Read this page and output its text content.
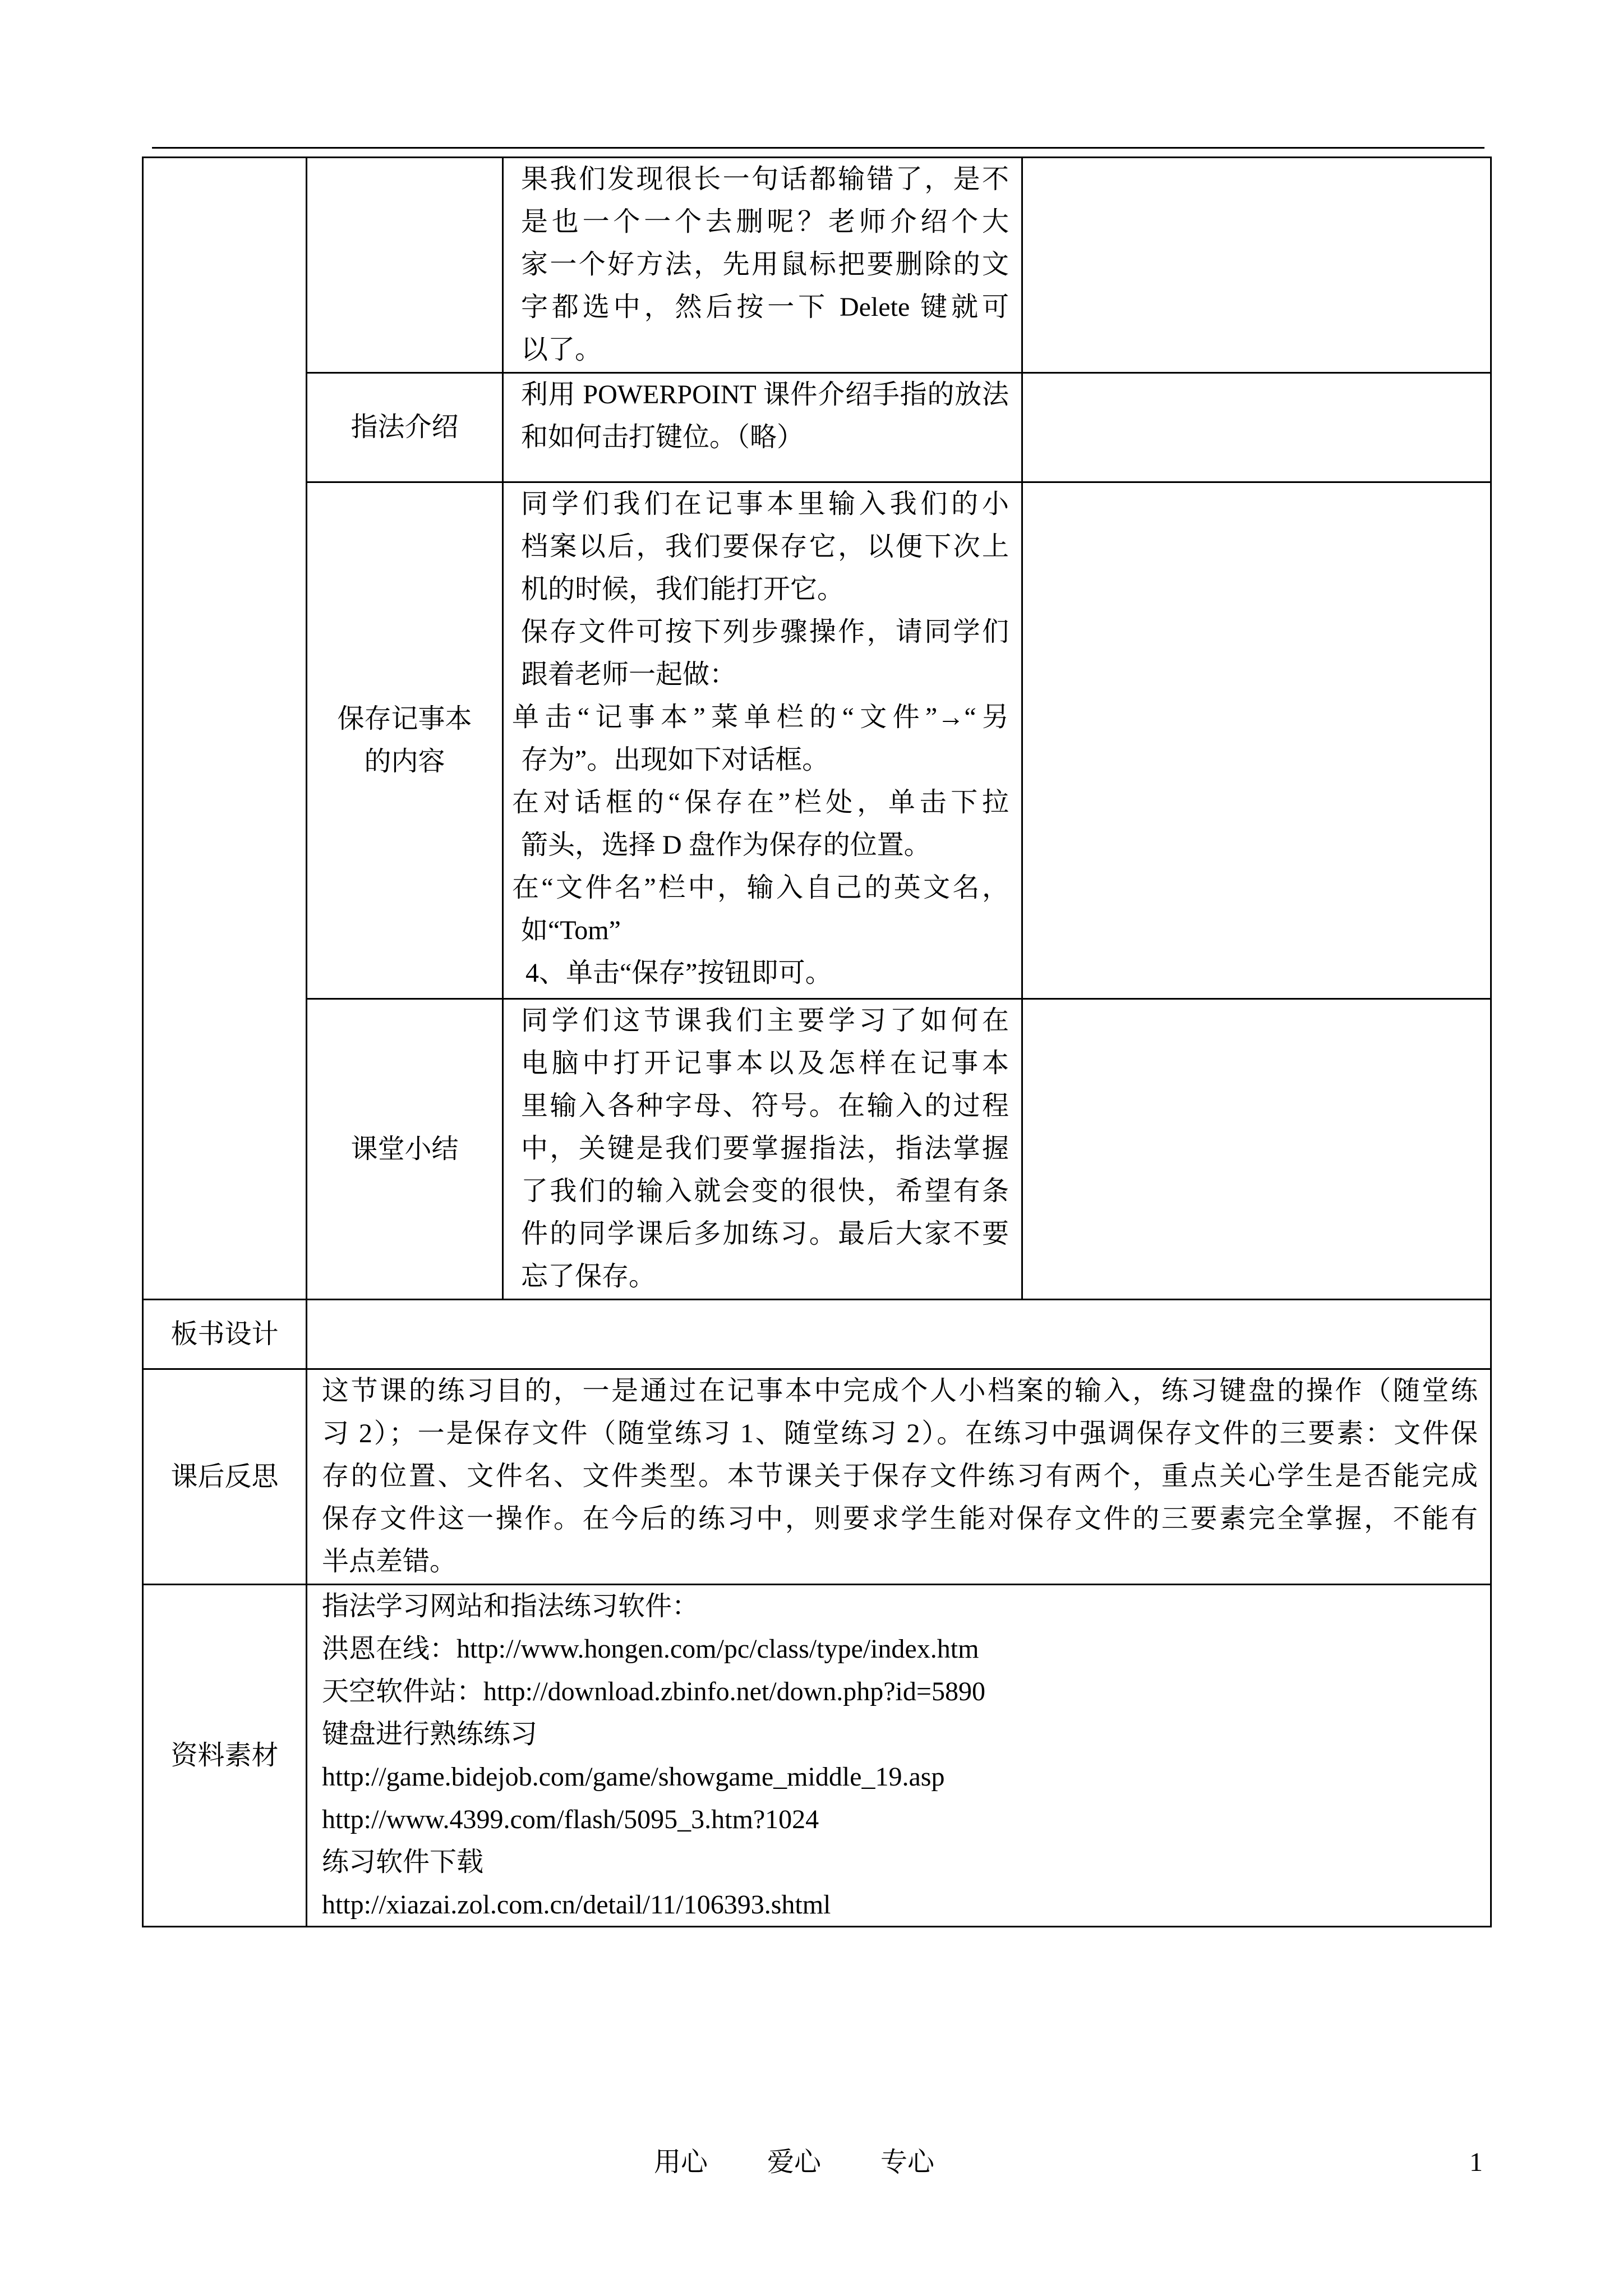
果我们发现很长一句话都输错了，是不
是也一个一个去删呢？老师介绍个大
家一个好方法，先用鼠标把要删除的文
字都选中，然后按一下 Delete 键就可
以了。
指法介绍
利用 POWERPOINT 课件介绍手指的放法
和如何击打键位。（略）
保存记事本
的内容
同学们我们在记事本里输入我们的小
档案以后，我们要保存它，以便下次上
机的时候，我们能打开它。
保存文件可按下列步骤操作，请同学们
跟着老师一起做：
单击“记事本”菜单栏的“文件”→“另
存为”。出现如下对话框。
在对话框的“保存在”栏处，单击下拉
箭头，选择 D 盘作为保存的位置。
在“文件名”栏中，输入自己的英文名，
如“Tom”
4、单击“保存”按钮即可。
课堂小结
同学们这节课我们主要学习了如何在
电脑中打开记事本以及怎样在记事本
里输入各种字母、符号。在输入的过程
中，关键是我们要掌握指法，指法掌握
了我们的输入就会变的很快，希望有条
件的同学课后多加练习。最后大家不要
忘了保存。
板书设计
课后反思
这节课的练习目的，一是通过在记事本中完成个人小档案的输入，练习键盘的操作（随堂练
习 2）；一是保存文件（随堂练习 1、随堂练习 2）。在练习中强调保存文件的三要素：文件保
存的位置、文件名、文件类型。本节课关于保存文件练习有两个，重点关心学生是否能完成
保存文件这一操作。在今后的练习中，则要求学生能对保存文件的三要素完全掌握，不能有
半点差错。
资料素材
指法学习网站和指法练习软件：
洪恩在线：http://www.hongen.com/pc/class/type/index.htm
天空软件站：http://download.zbinfo.net/down.php?id=5890
键盘进行熟练练习
http://game.bidejob.com/game/showgame_middle_19.asp
http://www.4399.com/flash/5095_3.htm?1024
练习软件下载
http://xiazai.zol.com.cn/detail/11/106393.shtml
用心 爱心 专心	1
